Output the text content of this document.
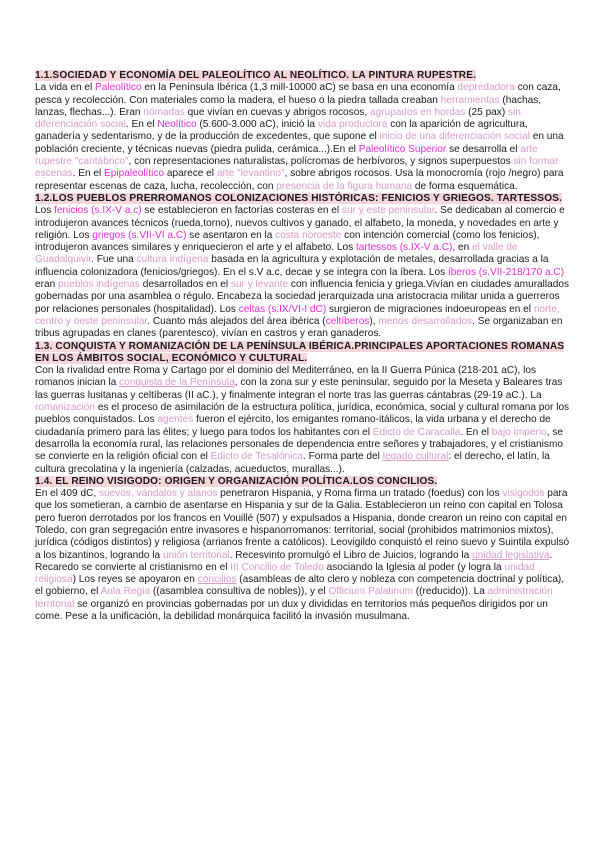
1.1.SOCIEDAD Y ECONOMÍA DEL PALEOLÍTICO AL NEOLÍTICO. LA PINTURA RUPESTRE.

La vida en el Paleolítico en la Península Ibérica (1,3 mill-10000 aC) se basa en una economía depredadora con caza, pesca y recolección. Con materiales como la madera, el hueso o la piedra tallada creaban herramientas (hachas, lanzas, flechas...). Eran nómadas que vivían en cuevas y abrigos rocosos, agrupados en hordas (25 pax) sin diferenciación social. En el Neolítico (5.600-3.000 aC), inició la vida productora con la aparición de agricultura, ganadería y sedentarismo, y de la producción de excedentes, que supone el inicio de una diferenciación social en una población creciente, y técnicas nuevas (piedra pulida, cerámica...).En el Paleolítico Superior se desarrolla el arte rupestre "cantábrico", con representaciones naturalistas, polícromas de herbívoros, y signos superpuestos sin formar escenas. En el Epipaleolítico aparece el arte "levantino", sobre abrigos rocosos. Usa la monocromía (rojo /negro) para representar escenas de caza, lucha, recolección, con presencia de la figura humana de forma esquemática.

1.2.LOS PUEBLOS PRERROMANOS COLONIZACIONES HISTÓRICAS: FENICIOS Y GRIEGOS. TARTESSOS.

Los fenicios (s.IX-V a.c) se establecieron en factorías costeras en el sur y este peninsular. Se dedicaban al comercio e introdujeron avances técnicos (rueda,torno), nuevos cultivos y ganado, el alfabeto, la moneda, y novedades en arte y religión. Los griegos (s.VII-VI a.C) se asentaron en la costa noroeste con intención comercial (como los fenicios), introdujeron avances similares y enriquecieron el arte y el alfabeto. Los tartessos (s.IX-V a.C), en el valle de Guadalquivir. Fue una cultura indígena basada en la agricultura y explotación de metales, desarrollada gracias a la influencia colonizadora (fenicios/griegos). En el s.V a.c, decae y se integra con la íbera. Los íberos (s.VII-218/170 a.C) eran pueblos indígenas desarrollados en el sur y levante con influencia fenicia y griega.Vivían en ciudades amurallados gobernadas por una asamblea o régulo. Encabeza la sociedad jerarquizada una aristocracia militar unida a guerreros por relaciones personales (hospitalidad). Los celtas (s.IX/VI-I dC) surgieron de migraciones indoeuropeas en el norte, centro y oeste peninsular. Cuanto más alejados del área ibérica (celtíberos), menos desarrollados. Se organizaban en tribus agrupadas en clanes (parentesco), vivían en castros y eran ganaderos.

1.3. CONQUISTA Y ROMANIZACIÓN DE LA PENÍNSULA IBÉRICA.PRINCIPALES APORTACIONES ROMANAS EN LOS ÁMBITOS SOCIAL, ECONÓMICO Y CULTURAL.

Con la rivalidad entre Roma y Cartago por el dominio del Mediterráneo, en la II Guerra Púnica (218-201 aC), los romanos inician la conquista de la Península, con la zona sur y este peninsular, seguido por la Meseta y Baleares tras las guerras lusitanas y celtíberas (II aC.), y finalmente integran el norte tras las guerras cántabras (29-19 aC.). La romanización es el proceso de asimilación de la estructura política, jurídica, económica, social y cultural romana por los pueblos conquistados. Los agentes fueron el ejército, los emigantes romano-itálicos, la vida urbana y el derecho de ciudadanía primero para las élites; y luego para todos los habitantes con el Edicto de Caracalla. En el bajo imperio, se desarrolla la economía rural, las relaciones personales de dependencia entre señores y trabajadores, y el cristianismo se convierte en la religión oficial con el Edicto de Tesalónica. Forma parte del legado cultural: el derecho, el latín, la cultura grecolatina y la ingeniería (calzadas, acueductos, murallas...).

1.4. EL REINO VISIGODO: ORIGEN Y ORGANIZACIÓN POLÍTICA.LOS CONCILIOS.

En el 409 dC, suevos, vándalos y alanos penetraron Hispania, y Roma firma un tratado (foedus) con los visigodos para que los sometieran, a cambio de asentarse en Hispania y sur de la Galia. Establecieron un reino con capital en Tolosa pero fueron derrotados por los francos en Vouillé (507) y expulsados a Hispania, donde crearon un reino con capital en Toledo, con gran segregación entre invasores e hispanorromanos: territorial, social (prohibidos matrimonios mixtos), jurídica (códigos distintos) y religiosa (arrianos frente a católicos). Leovigildo conquistó el reino suevo y Suintila expulsó a los bizantinos, logrando la unión territorial. Recesvinto promulgó el Libro de Juicios, logrando la unidad legislativa. Recaredo se convierte al cristianismo en el III Concilio de Toledo asociando la Iglesia al poder (y logra la unidad religiosa) Los reyes se apoyaron en concilios (asambleas de alto clero y nobleza con competencia doctrinal y política), el gobierno, el Aula Regia ((asamblea consultiva de nobles)), y el Officium Palatinum ((reducido)). La administración territorial se organizó en provincias gobernadas por un dux y divididas en territorios más pequeños dirigidos por un come. Pese a la unificación, la debilidad monárquica facilitó la invasión musulmana.
